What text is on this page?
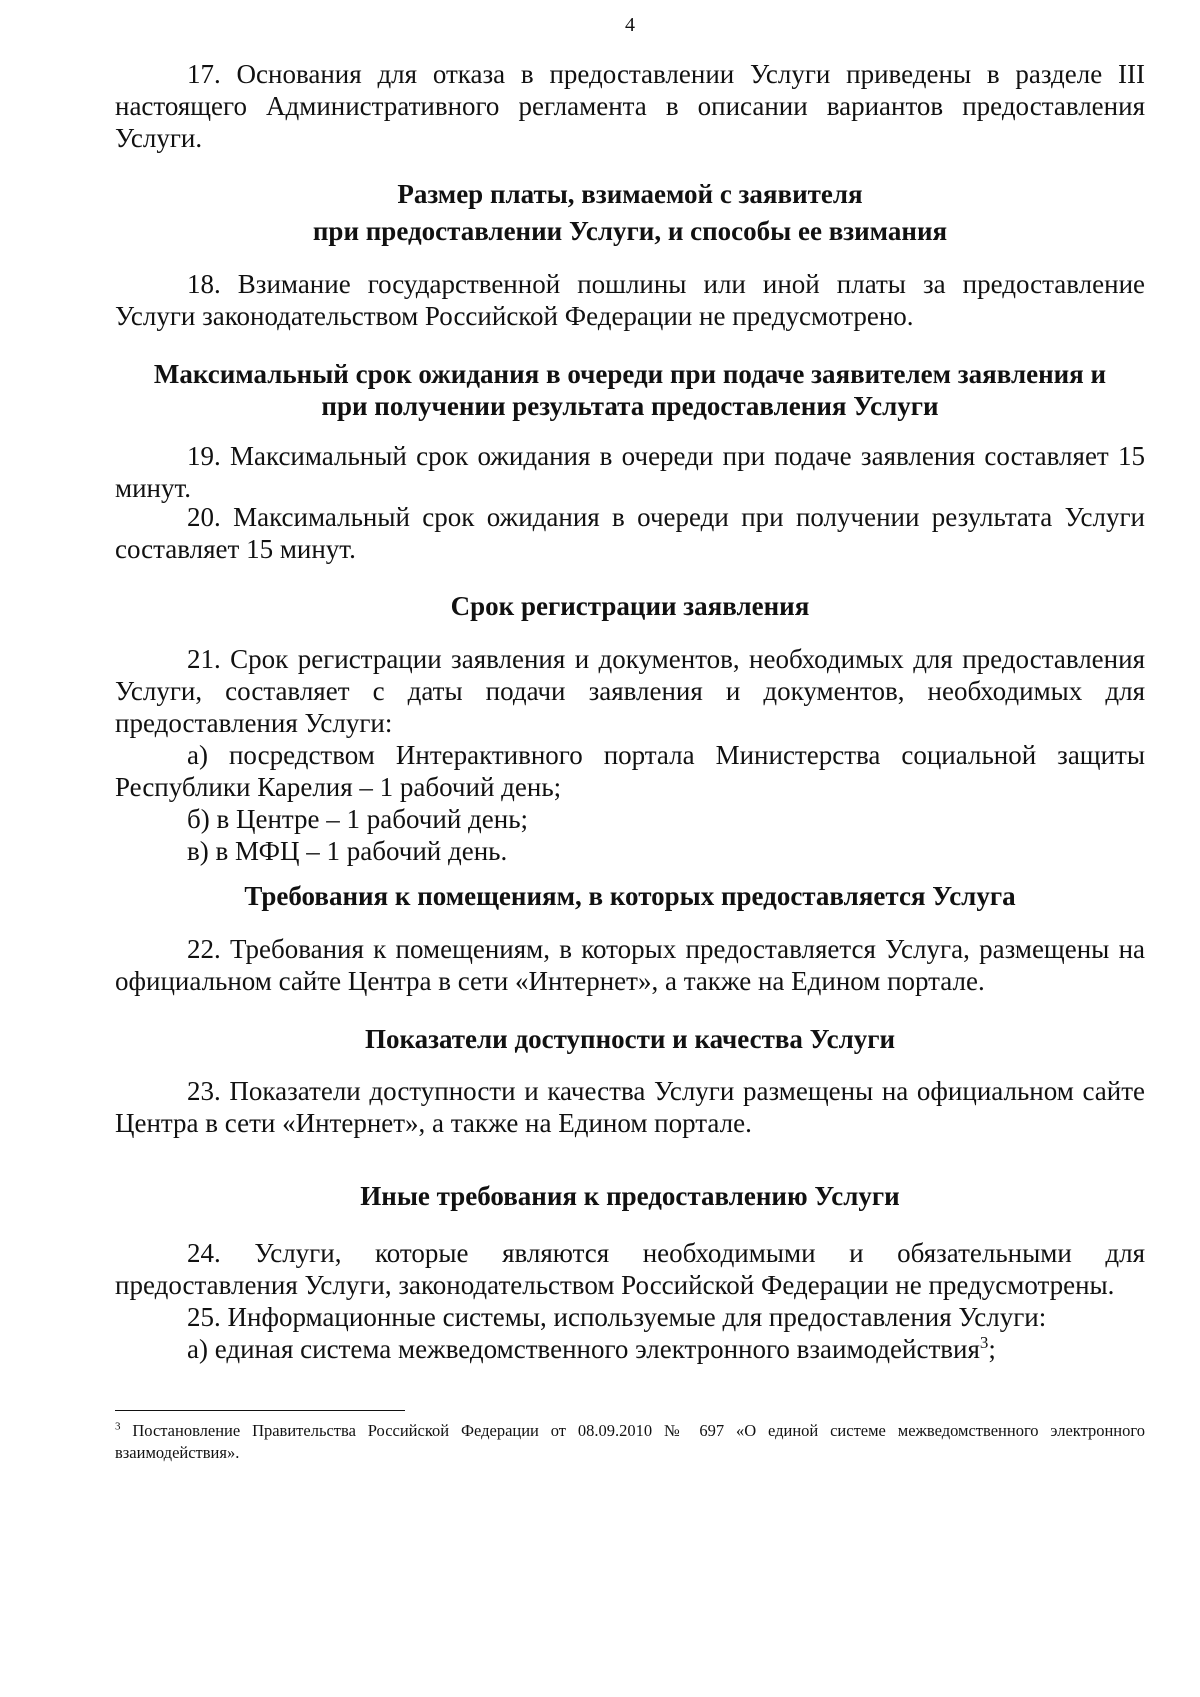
4

17. Основания для отказа в предоставлении Услуги приведены в разделе III настоящего Административного регламента в описании вариантов предоставления Услуги.

Размер платы, взимаемой с заявителя
при предоставлении Услуги, и способы ее взимания

18. Взимание государственной пошлины или иной платы за предоставление Услуги законодательством Российской Федерации не предусмотрено.

Максимальный срок ожидания в очереди при подаче заявителем заявления и
при получении результата предоставления Услуги

19. Максимальный срок ожидания в очереди при подаче заявления составляет 15 минут.

20. Максимальный срок ожидания в очереди при получении результата Услуги составляет 15 минут.

Срок регистрации заявления

21. Срок регистрации заявления и документов, необходимых для предоставления Услуги, составляет с даты подачи заявления и документов, необходимых для предоставления Услуги:

а) посредством Интерактивного портала Министерства социальной защиты Республики Карелия – 1 рабочий день;

б) в Центре – 1 рабочий день;

в) в МФЦ – 1 рабочий день.

Требования к помещениям, в которых предоставляется Услуга

22. Требования к помещениям, в которых предоставляется Услуга, размещены на официальном сайте Центра в сети «Интернет», а также на Едином портале.

Показатели доступности и качества Услуги

23. Показатели доступности и качества Услуги размещены на официальном сайте Центра в сети «Интернет», а также на Едином портале.

Иные требования к предоставлению Услуги

24. Услуги, которые являются необходимыми и обязательными для предоставления Услуги, законодательством Российской Федерации не предусмотрены.

25. Информационные системы, используемые для предоставления Услуги:

а) единая система межведомственного электронного взаимодействия$^3$;

$^3$ Постановление Правительства Российской Федерации от 08.09.2010 № 697 «О единой системе межведомственного электронного взаимодействия».
